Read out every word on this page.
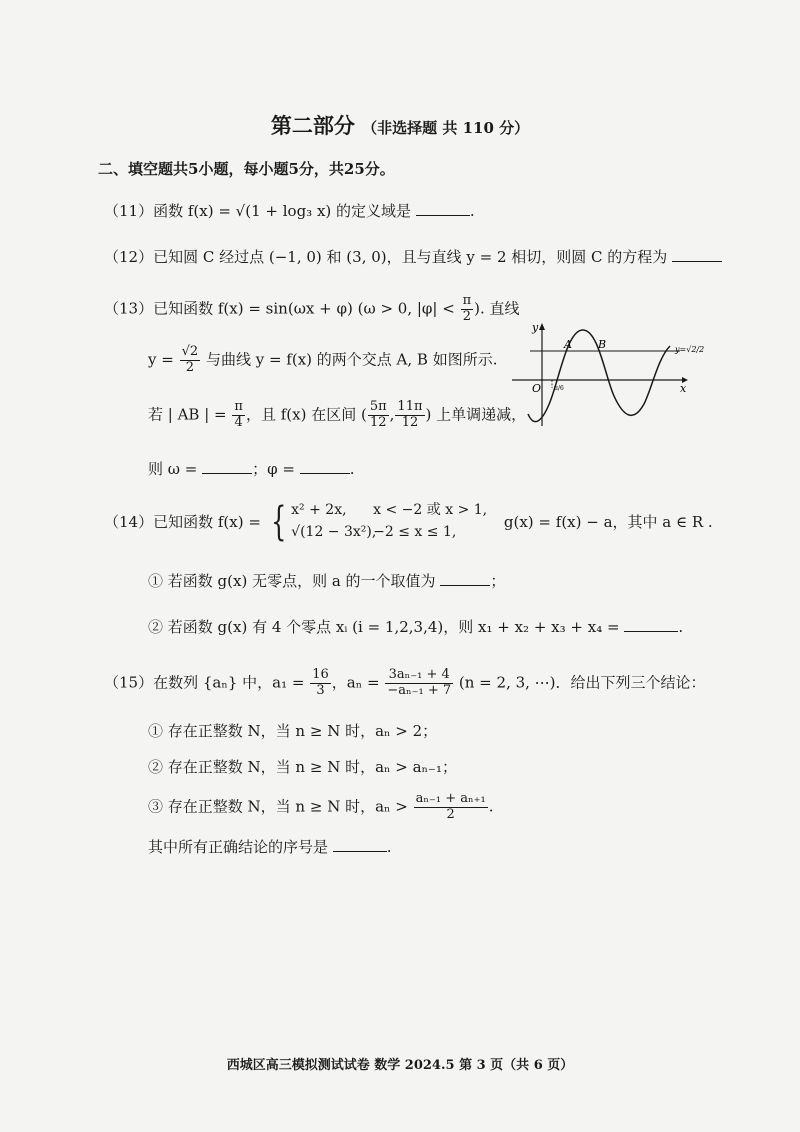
第二部分 （非选择题 共 110 分）
二、填空题共5小题，每小题5分，共25分。
（11）函数 f(x) = √(1 + log₃ x) 的定义域是	.
（12）已知圆 C 经过点 (−1, 0) 和 (3, 0)，且与直线 y = 2 相切，则圆 C 的方程为
（13）已知函数 f(x) = sin(ωx + φ) (ω > 0, $|\varphi| < \frac{\pi}{2}$ ). 直线
$y = \frac{√2}{2}$ 与曲线 y = f(x) 的两个交点 A, B 如图所示.
若 | AB | = $\frac{\pi}{4}$ ，且 f(x) 在区间 ( $\frac{5\pi}{12}$ , $\frac{11\pi}{12}$ ) 上单调递减，
则 ω =	；φ =	.
y
x
O
A B	y=√2/2
π/6
（14）已知函数 f(x) = { x² + 2x, x < −2 或 x > 1,
√(12 − 3x²),−2 ≤ x ≤ 1,
g(x) = f(x) − a，其中 a ∈ R .
① 若函数 g(x) 无零点，则 a 的一个取值为	；
② 若函数 g(x) 有 4 个零点 xᵢ (i = 1,2,3,4)，则 x₁ + x₂ + x₃ + x₄ =	.
（15）在数列 {aₙ} 中，$a_1 = \frac{16}{3}$ ，$a_n = \frac{\text{3aₙ₋₁ + 4}}{\text{−aₙ₋₁ + 7}} (n = 2$, 3, ⋯)．给出下列三个结论：
① 存在正整数 N，当 n ≥ N 时，aₙ > 2；
② 存在正整数 N，当 n ≥ N 时，aₙ > aₙ₋₁；
③ 存在正整数 N，当 n ≥ N 时，$a_n > \frac{\text{aₙ₋₁ + aₙ₊₁}}{2}$ .
其中所有正确结论的序号是	.
西城区高三模拟测试试卷 数学 2024.5 第 3 页（共 6 页）
